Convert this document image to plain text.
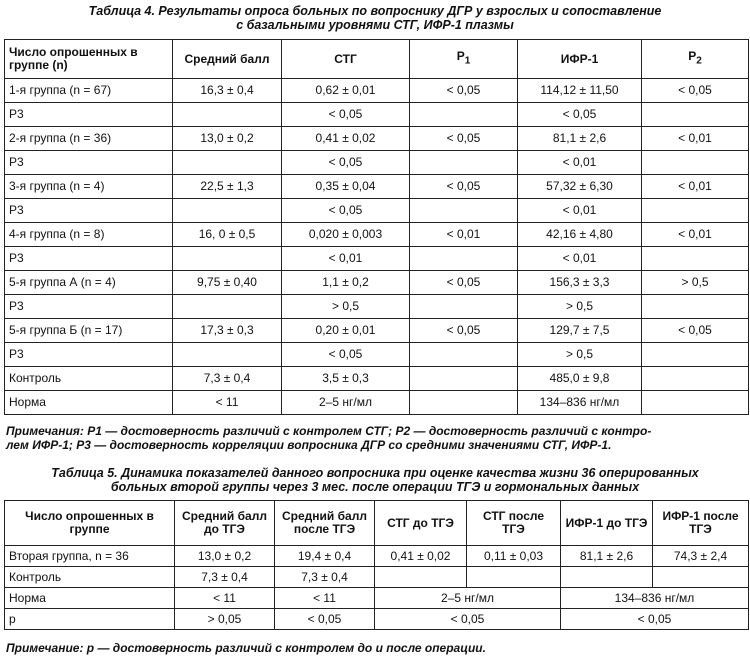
Таблица 4. Результаты опроса больных по вопроснику ДГР у взрослых и сопоставление
с базальными уровнями СТГ, ИФР-1 плазмы

Число опрошенных в группе (n)	Средний балл	СТГ	$P_1$	ИФР-1	$P_2$
1-я группа (n = 67)	16,3 ± 0,4	0,62 ± 0,01	< 0,05	114,12 ± 11,50	< 0,05
P3		< 0,05		< 0,05	
2-я группа (n = 36)	13,0 ± 0,2	0,41 ± 0,02	< 0,05	81,1 ± 2,6	< 0,01
P3		< 0,05		< 0,01	
3-я группа (n = 4)	22,5 ± 1,3	0,35 ± 0,04	< 0,05	57,32 ± 6,30	< 0,01
P3		< 0,05		< 0,01	
4-я группа (n = 8)	16, 0 ± 0,5	0,020 ± 0,003	< 0,01	42,16 ± 4,80	< 0,01
P3		< 0,01		< 0,01	
5-я группа А (n = 4)	9,75 ± 0,40	1,1 ± 0,2	< 0,05	156,3 ± 3,3	> 0,5
P3		> 0,5		> 0,5	
5-я группа Б (n = 17)	17,3 ± 0,3	0,20 ± 0,01	< 0,05	129,7 ± 7,5	< 0,05
P3		< 0,05		> 0,5	
Контроль	7,3 ± 0,4	3,5 ± 0,3		485,0 ± 9,8	
Норма	< 11	2–5 нг/мл		134–836 нг/мл	

Примечания: P1 — достоверность различий с контролем СТГ; P2 — достоверность различий с контро-
лем ИФР-1; P3 — достоверность корреляции вопросника ДГР со средними значениями СТГ, ИФР-1.

Таблица 5. Динамика показателей данного вопросника при оценке качества жизни 36 оперированных
больных второй группы через 3 мес. после операции ТГЭ и гормональных данных

Число опрошенных в группе	Средний балл до ТГЭ	Средний балл после ТГЭ	СТГ до ТГЭ	СТГ после ТГЭ	ИФР-1 до ТГЭ	ИФР-1 после ТГЭ
Вторая группа, n = 36	13,0 ± 0,2	19,4 ± 0,4	0,41 ± 0,02	0,11 ± 0,03	81,1 ± 2,6	74,3 ± 2,4
Контроль	7,3 ± 0,4	7,3 ± 0,4				
Норма	< 11	< 11	2–5 нг/мл		134–836 нг/мл	
p	> 0,05	< 0,05	< 0,05		< 0,05	

Примечание: p — достоверность различий с контролем до и после операции.
